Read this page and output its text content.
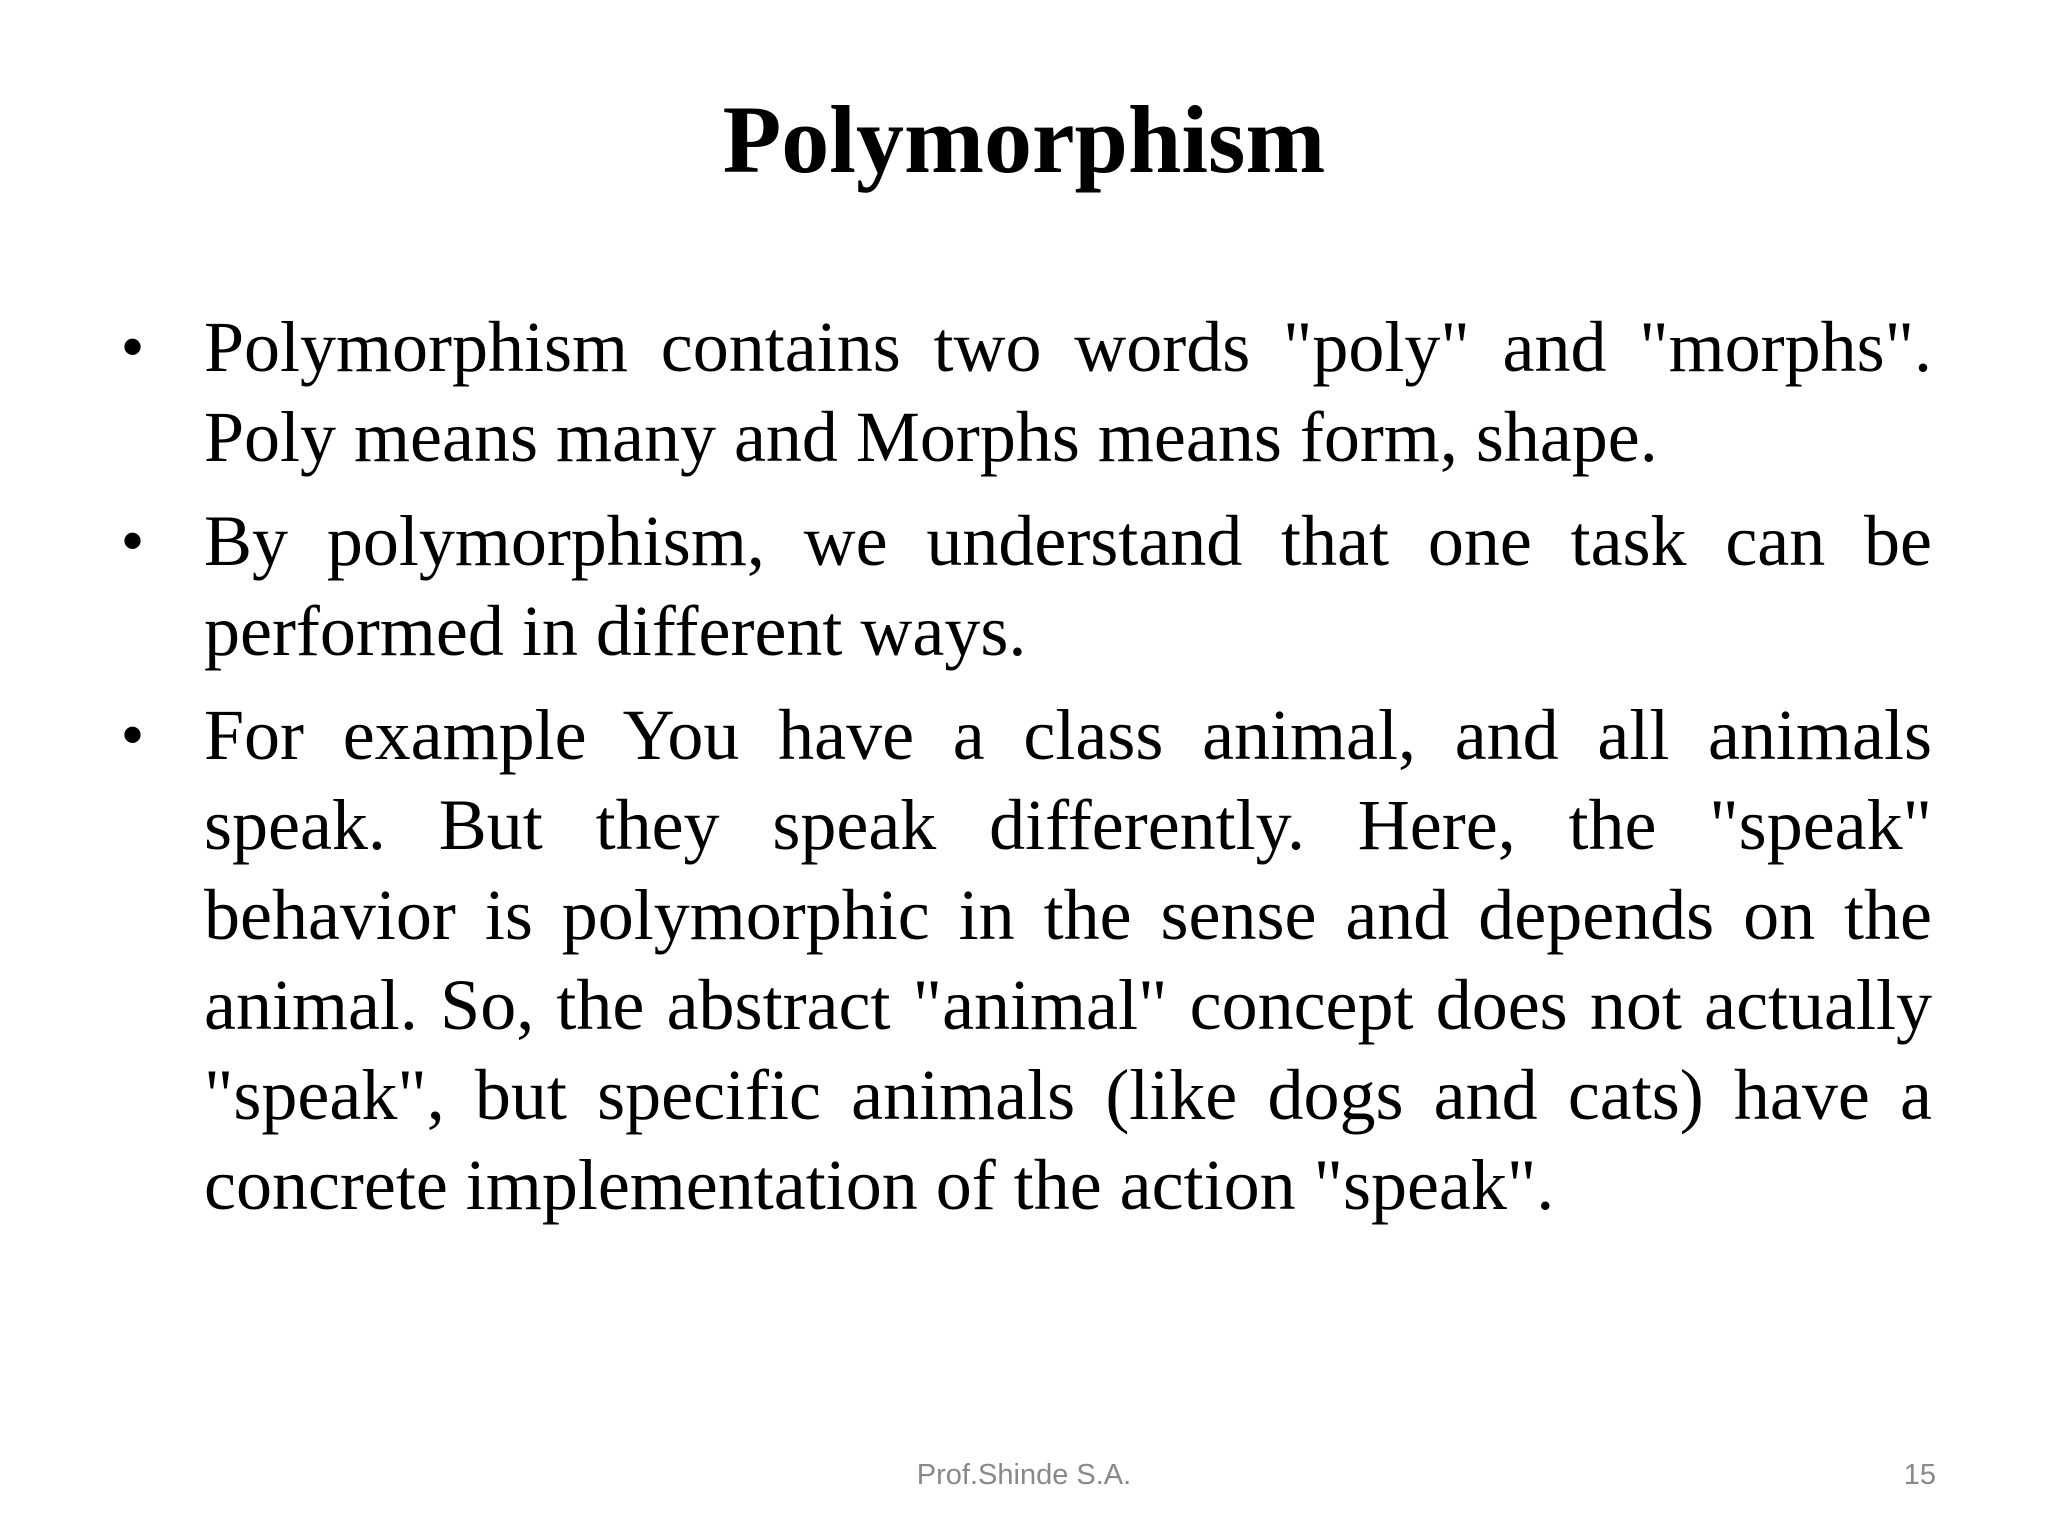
Polymorphism
• Polymorphism contains two words "poly" and "morphs". Poly means many and Morphs means form, shape.
• By polymorphism, we understand that one task can be performed in different ways.
• For example You have a class animal, and all animals speak. But they speak differently. Here, the "speak" behavior is polymorphic in the sense and depends on the animal. So, the abstract "animal" concept does not actually "speak", but specific animals (like dogs and cats) have a concrete implementation of the action "speak".
Prof.Shinde S.A.	15
